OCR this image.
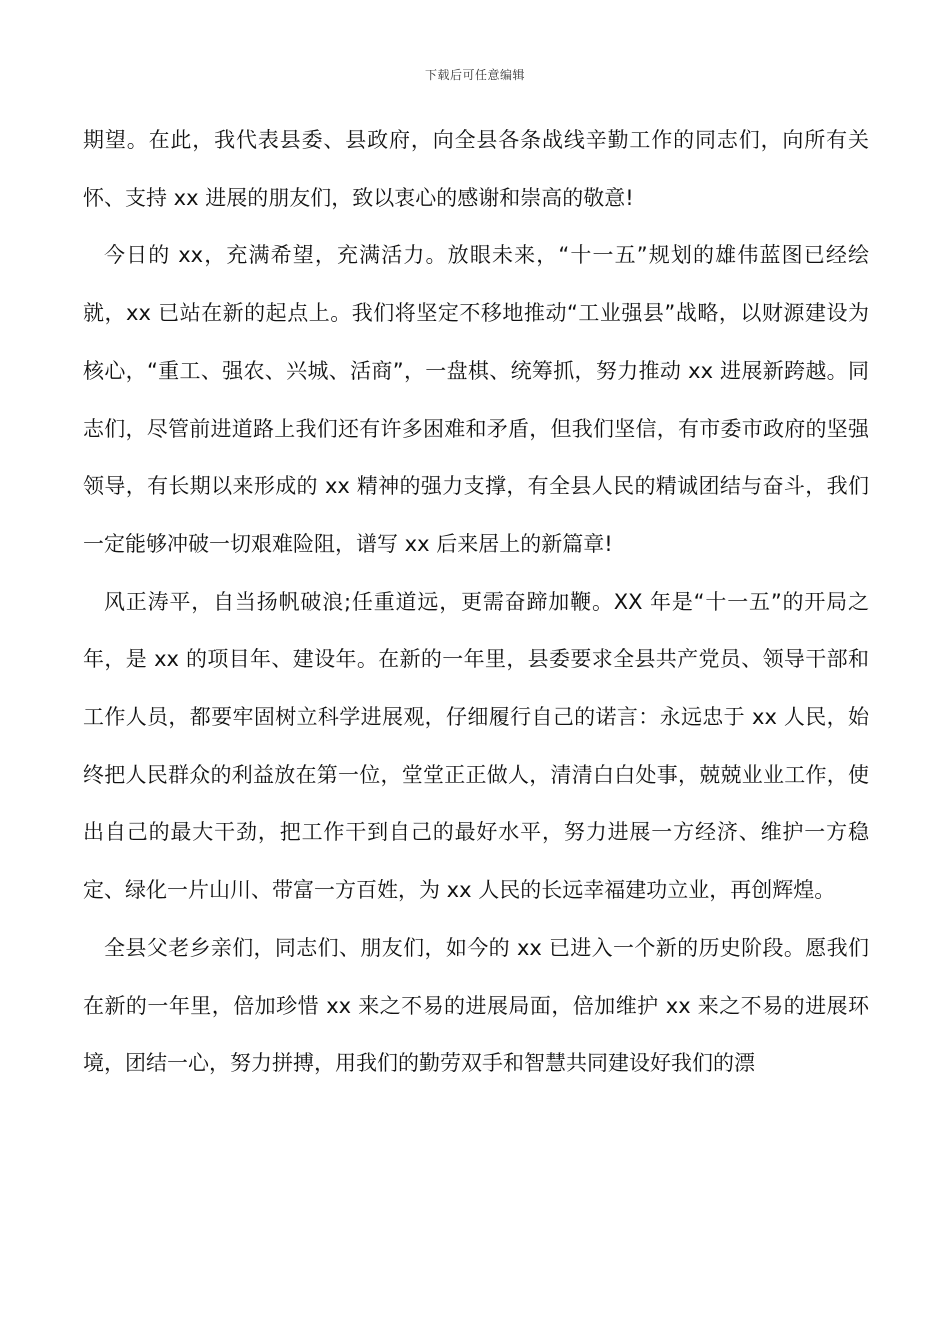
下载后可任意编辑

期望。在此，我代表县委、县政府，向全县各条战线辛勤工作的同志们，向所有关怀、支持 xx 进展的朋友们，致以衷心的感谢和崇高的敬意!

今日的 xx，充满希望，充满活力。放眼未来，“十一五”规划的雄伟蓝图已经绘就，xx 已站在新的起点上。我们将坚定不移地推动“工业强县”战略，以财源建设为核心，“重工、强农、兴城、活商”，一盘棋、统筹抓，努力推动 xx 进展新跨越。同志们，尽管前进道路上我们还有许多困难和矛盾，但我们坚信，有市委市政府的坚强领导，有长期以来形成的 xx 精神的强力支撑，有全县人民的精诚团结与奋斗，我们一定能够冲破一切艰难险阻，谱写 xx 后来居上的新篇章!

风正涛平，自当扬帆破浪;任重道远，更需奋蹄加鞭。XX 年是“十一五”的开局之年，是 xx 的项目年、建设年。在新的一年里，县委要求全县共产党员、领导干部和工作人员，都要牢固树立科学进展观，仔细履行自己的诺言：永远忠于 xx 人民，始终把人民群众的利益放在第一位，堂堂正正做人，清清白白处事，兢兢业业工作，使出自己的最大干劲，把工作干到自己的最好水平，努力进展一方经济、维护一方稳定、绿化一片山川、带富一方百姓，为 xx 人民的长远幸福建功立业，再创辉煌。

全县父老乡亲们，同志们、朋友们，如今的 xx 已进入一个新的历史阶段。愿我们在新的一年里，倍加珍惜 xx 来之不易的进展局面，倍加维护 xx 来之不易的进展环境，团结一心，努力拼搏，用我们的勤劳双手和智慧共同建设好我们的漂
